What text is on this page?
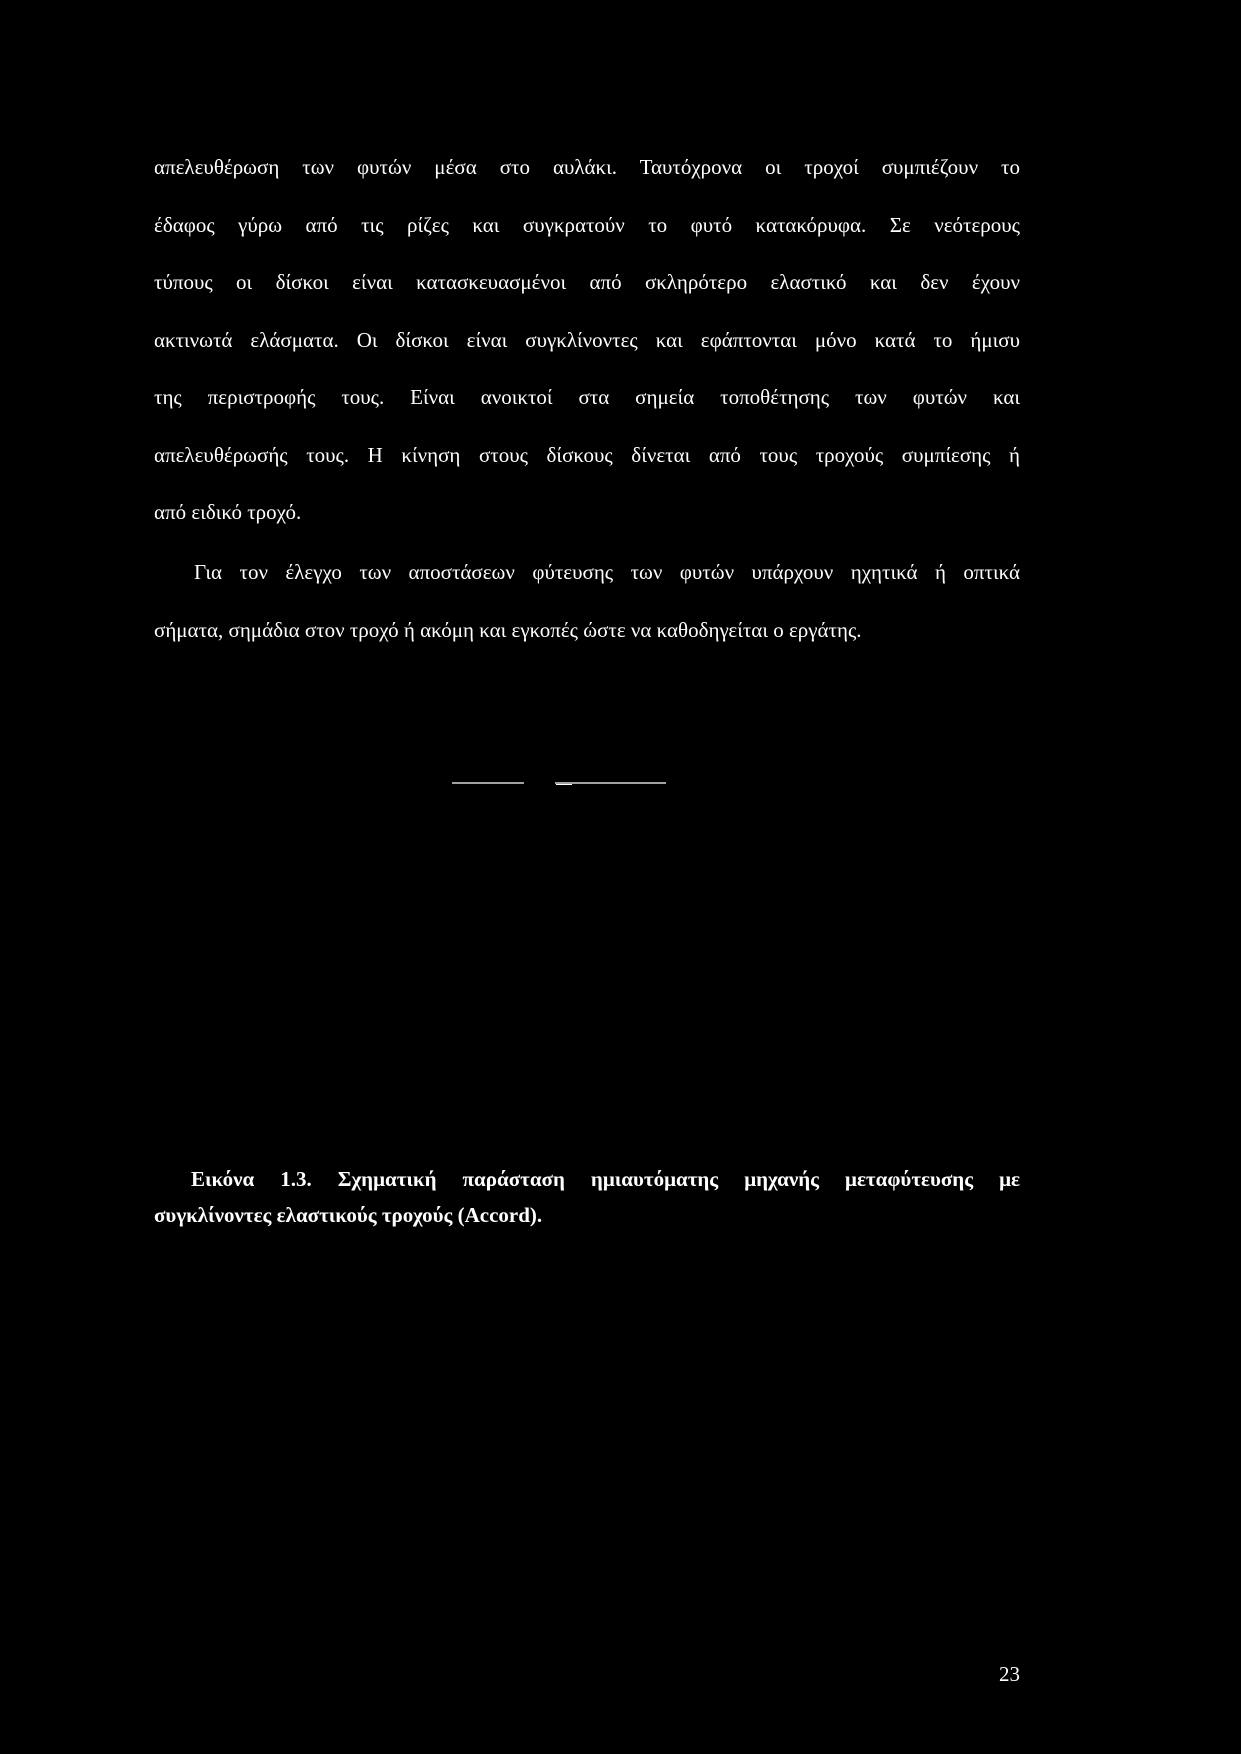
απελευθέρωση των φυτών μέσα στο αυλάκι. Ταυτόχρονα οι τροχοί συμπιέζουν το
έδαφος γύρω από τις ρίζες και συγκρατούν το φυτό κατακόρυφα. Σε νεότερους
τύπους οι δίσκοι είναι κατασκευασμένοι από σκληρότερο ελαστικό και δεν έχουν
ακτινωτά ελάσματα. Οι δίσκοι είναι συγκλίνοντες και εφάπτονται μόνο κατά το ήμισυ
της περιστροφής τους. Είναι ανοικτοί στα σημεία τοποθέτησης των φυτών και
απελευθέρωσής τους. Η κίνηση στους δίσκους δίνεται από τους τροχούς συμπίεσης ή
από ειδικό τροχό.

Για τον έλεγχο των αποστάσεων φύτευσης των φυτών υπάρχουν ηχητικά ή οπτικά
σήματα, σημάδια στον τροχό ή ακόμη και εγκοπές ώστε να καθοδηγείται ο εργάτης.

Εικόνα 1.3. Σχηματική παράσταση ημιαυτόματης μηχανής μεταφύτευσης με
συγκλίνοντες ελαστικούς τροχούς (Accord).
23
